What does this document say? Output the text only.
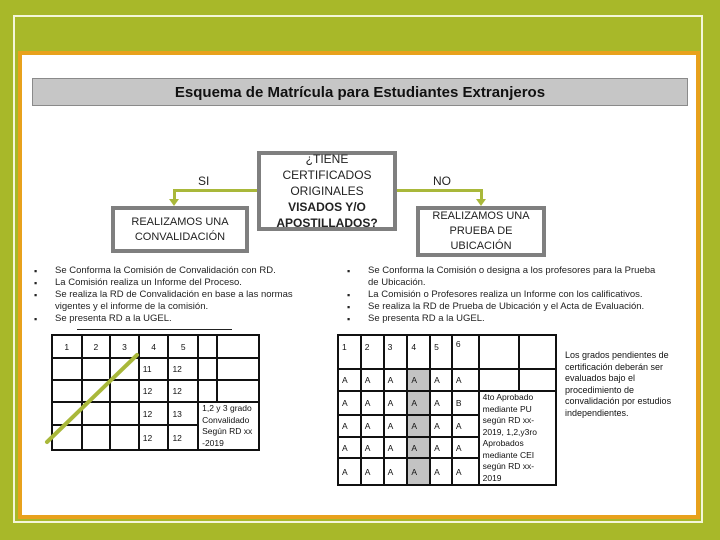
Esquema de Matrícula para Estudiantes Extranjeros
SI	NO
¿TIENE
CERTIFICADOS
ORIGINALES
VISADOS Y/O
APOSTILLADOS?
REALIZAMOS UNA CONVALIDACIÓN
REALIZAMOS UNA PRUEBA DE UBICACIÓN
▪ Se Conforma la Comisión de Convalidación con RD.
▪ La Comisión realiza un Informe del Proceso.
▪ Se realiza la RD de Convalidación en base a las normas vigentes y el informe de la comisión.
▪ Se presenta RD a la UGEL.
▪ Se Conforma la Comisión o designa a los profesores para la Prueba de Ubicación.
▪ La Comisión o Profesores realiza un Informe con los calificativos.
▪ Se realiza la RD de Prueba de Ubicación y el Acta de Evaluación.
▪ Se presenta RD a la UGEL.
1	2	3	4	5		
			11	12		
			12	12		
			12	13	1,2 y 3 grado Convalidado Según RD xx -2019	
			12	12		
1	2	3	4	5	6		
A	A	A	A	A	A		
A	A	A	A	A	B	4to Aprobado mediante PU según RD xx-2019, 1,2,y3ro Aprobados mediante CEI según RD xx-2019	
A	A	A	A	A	A		
A	A	A	A	A	A		
A	A	A	A	A	A		
Los grados pendientes de certificación deberán ser evaluados bajo el procedimiento de convalidación por estudios independientes.
